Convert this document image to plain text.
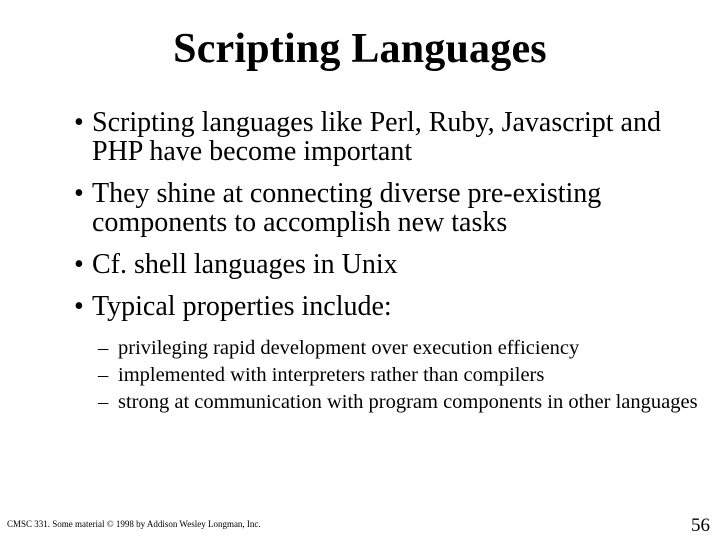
Scripting Languages
• Scripting languages like Perl, Ruby, Javascript and PHP have become important
• They shine at connecting diverse pre-existing components to accomplish new tasks
• Cf. shell languages in Unix
• Typical properties include:
– privileging rapid development over execution efficiency
– implemented with interpreters rather than compilers
– strong at communication with program components in other languages
CMSC 331. Some material © 1998 by Addison Wesley Longman, Inc.	56
